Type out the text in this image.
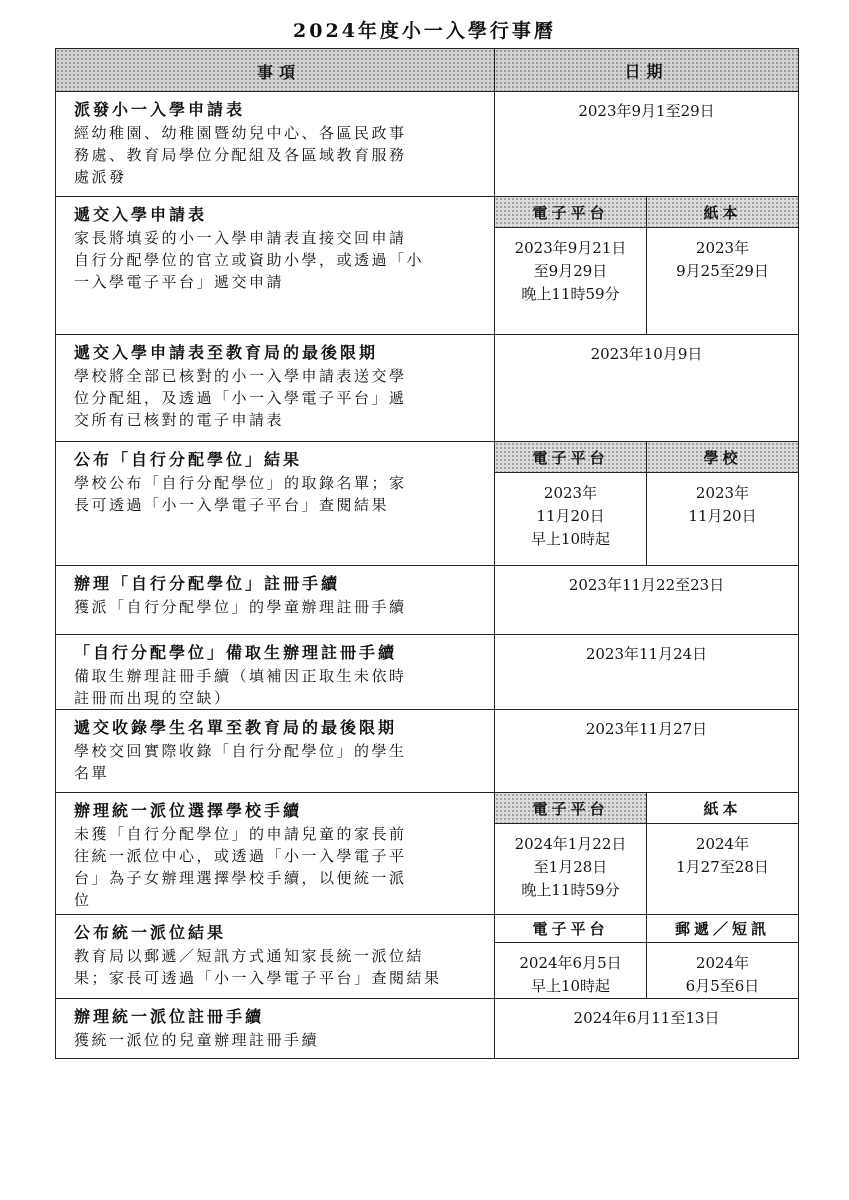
2024年度小一入學行事曆
事項	日期
派發小一入學申請表
經幼稚園、幼稚園暨幼兒中心、各區民政事
務處、教育局學位分配組及各區域教育服務
處派發
2023年9月1至29日
遞交入學申請表
家長將填妥的小一入學申請表直接交回申請
自行分配學位的官立或資助小學，或透過「小
一入學電子平台」遞交申請
電子平台
2023年9月21日
至9月29日
晚上11時59分
紙本
2023年
9月25至29日
遞交入學申請表至教育局的最後限期
學校將全部已核對的小一入學申請表送交學
位分配組，及透過「小一入學電子平台」遞
交所有已核對的電子申請表
2023年10月9日
公布「自行分配學位」結果
學校公布「自行分配學位」的取錄名單；家
長可透過「小一入學電子平台」查閱結果
電子平台
2023年
11月20日
早上10時起
學校
2023年
11月20日
辦理「自行分配學位」註冊手續
獲派「自行分配學位」的學童辦理註冊手續
2023年11月22至23日
「自行分配學位」備取生辦理註冊手續
備取生辦理註冊手續（填補因正取生未依時
註冊而出現的空缺）
2023年11月24日
遞交收錄學生名單至教育局的最後限期
學校交回實際收錄「自行分配學位」的學生
名單
2023年11月27日
辦理統一派位選擇學校手續
未獲「自行分配學位」的申請兒童的家長前
往統一派位中心，或透過「小一入學電子平
台」為子女辦理選擇學校手續，以便統一派
位
電子平台
2024年1月22日
至1月28日
晚上11時59分
紙本
2024年
1月27至28日
公布統一派位結果
教育局以郵遞／短訊方式通知家長統一派位結
果；家長可透過「小一入學電子平台」查閱結果
電子平台
2024年6月5日
早上10時起
郵遞／短訊
2024年
6月5至6日
辦理統一派位註冊手續
獲統一派位的兒童辦理註冊手續
2024年6月11至13日
